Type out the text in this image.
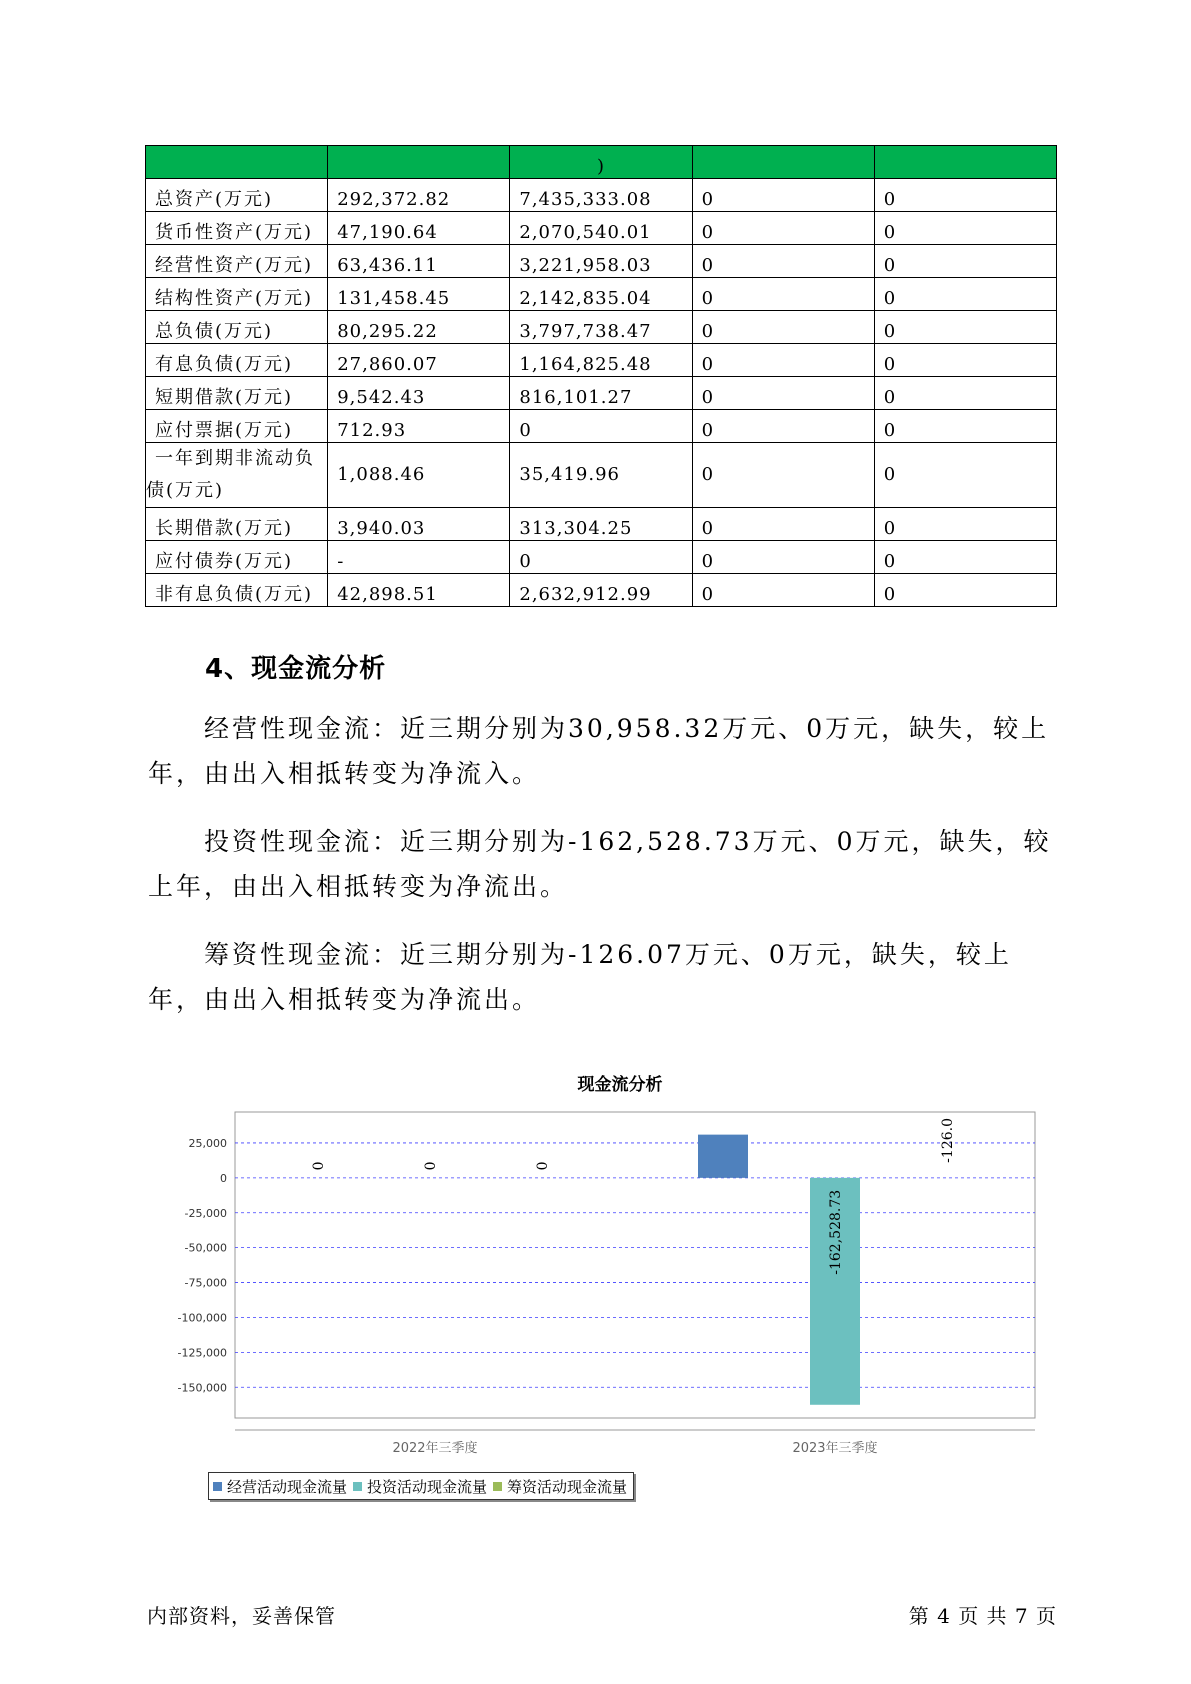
		)		
总资产(万元)	292,372.82	7,435,333.08	0	0
货币性资产(万元)	47,190.64	2,070,540.01	0	0
经营性资产(万元)	63,436.11	3,221,958.03	0	0
结构性资产(万元)	131,458.45	2,142,835.04	0	0
总负债(万元)	80,295.22	3,797,738.47	0	0
有息负债(万元)	27,860.07	1,164,825.48	0	0
短期借款(万元)	9,542.43	816,101.27	0	0
应付票据(万元)	712.93	0	0	0
一年到期非流动负债(万元)	1,088.46	35,419.96	0	0
长期借款(万元)	3,940.03	313,304.25	0	0
应付债券(万元)	-	0	0	0
非有息负债(万元)	42,898.51	2,632,912.99	0	0
4、现金流分析

经营性现金流：近三期分别为30,958.32万元、0万元，缺失，较上年，由出入相抵转变为净流入。

投资性现金流：近三期分别为-162,528.73万元、0万元，缺失，较上年，由出入相抵转变为净流出。

筹资性现金流：近三期分别为-126.07万元、0万元，缺失，较上年，由出入相抵转变为净流出。

现金流分析
25,000
0
-25,000
-50,000
-75,000
-100,000
-125,000
-150,000
2022年三季度
0	0	0
2023年三季度
-162,528.73
-126.0
经营活动现金流量 投资活动现金流量 筹资活动现金流量
内部资料，妥善保管	第 4 页 共 7 页
